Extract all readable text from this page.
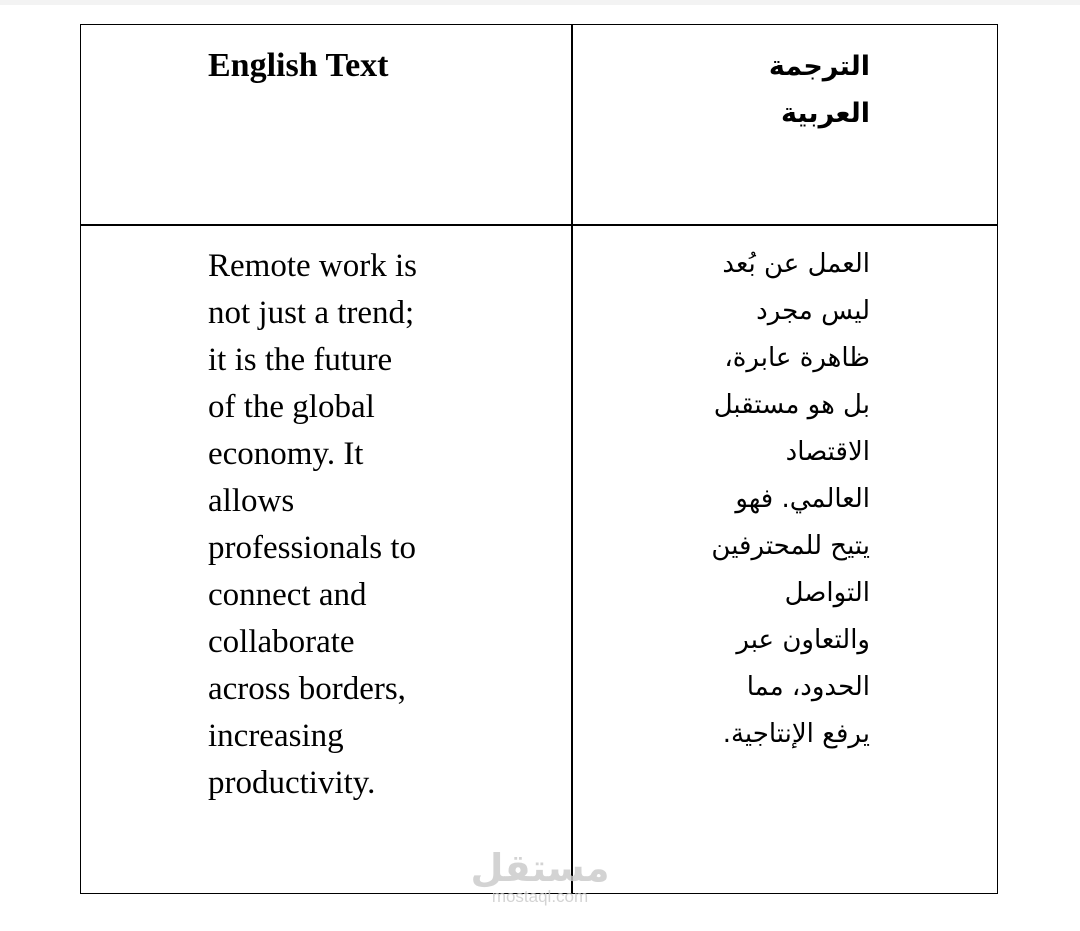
English Text	الترجمة
العربية
Remote work is
not just a trend;
it is the future
of the global
economy. It
allows
professionals to
connect and
collaborate
across borders,
increasing
productivity.
العمل عن بُعد
ليس مجرد
ظاهرة عابرة،
بل هو مستقبل
الاقتصاد
العالمي. فهو
يتيح للمحترفين
التواصل
والتعاون عبر
الحدود، مما
يرفع الإنتاجية.
مستقل
mostaql.com
